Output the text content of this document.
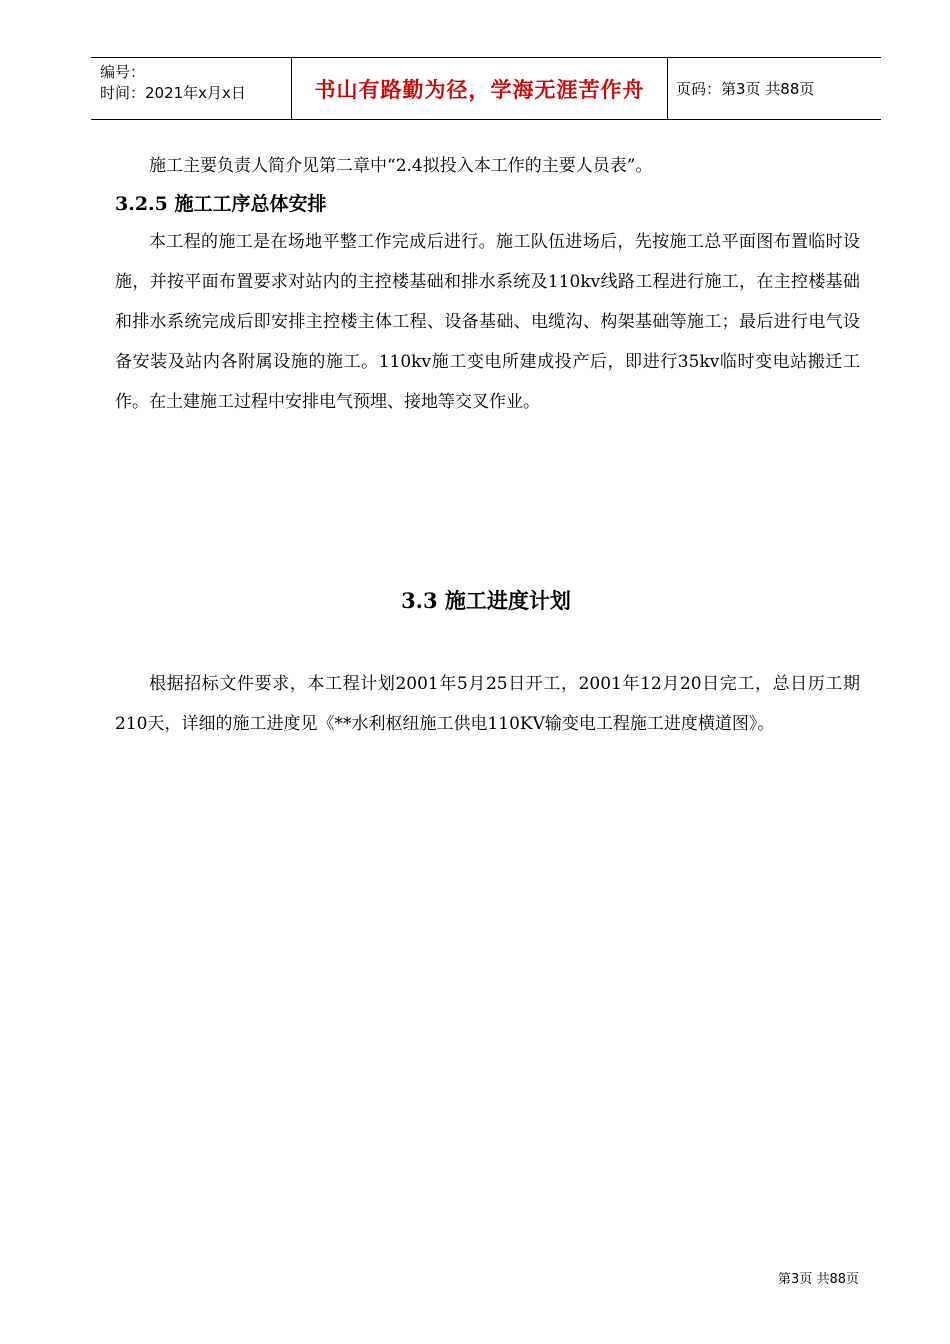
编号：
时间：2021年x月x日	书山有路勤为径，学海无涯苦作舟	页码：第3页 共88页

施工主要负责人简介见第二章中“2.4拟投入本工作的主要人员表”。

3.2.5 施工工序总体安排

本工程的施工是在场地平整工作完成后进行。施工队伍进场后，先按施工总平面图布置临时设施，并按平面布置要求对站内的主控楼基础和排水系统及110kv线路工程进行施工，在主控楼基础和排水系统完成后即安排主控楼主体工程、设备基础、电缆沟、构架基础等施工；最后进行电气设备安装及站内各附属设施的施工。110kv施工变电所建成投产后，即进行35kv临时变电站搬迁工作。在土建施工过程中安排电气预埋、接地等交叉作业。

3.3 施工进度计划

根据招标文件要求，本工程计划2001年5月25日开工，2001年12月20日完工，总日历工期210天，详细的施工进度见《**水利枢纽施工供电110KV输变电工程施工进度横道图》。

第3页 共88页
